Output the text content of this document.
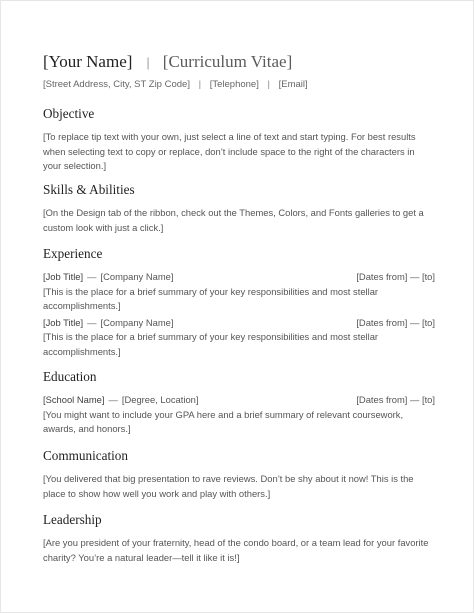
[Your Name] | [Curriculum Vitae]
[Street Address, City, ST Zip Code] | [Telephone] | [Email]
Objective
[To replace tip text with your own, just select a line of text and start typing. For best results when selecting text to copy or replace, don’t include space to the right of the characters in your selection.]
Skills & Abilities
[On the Design tab of the ribbon, check out the Themes, Colors, and Fonts galleries to get a custom look with just a click.]
Experience
[Job Title] — [Company Name]	[Dates from] — [to]
[This is the place for a brief summary of your key responsibilities and most stellar accomplishments.]
[Job Title] — [Company Name]	[Dates from] — [to]
[This is the place for a brief summary of your key responsibilities and most stellar accomplishments.]
Education
[School Name] — [Degree, Location]	[Dates from] — [to]
[You might want to include your GPA here and a brief summary of relevant coursework, awards, and honors.]
Communication
[You delivered that big presentation to rave reviews. Don’t be shy about it now! This is the place to show how well you work and play with others.]
Leadership
[Are you president of your fraternity, head of the condo board, or a team lead for your favorite charity? You’re a natural leader—tell it like it is!]
